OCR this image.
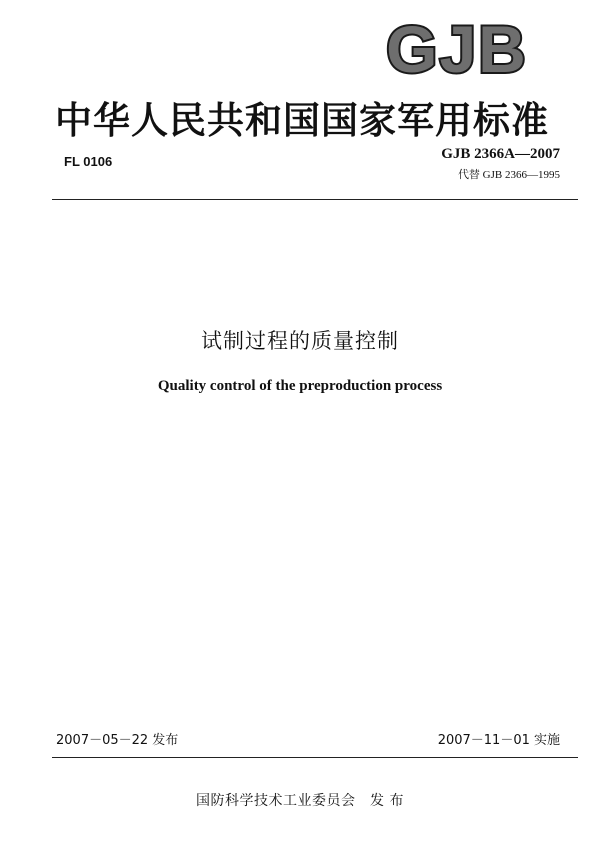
GJB
中华人民共和国国家军用标准
FL 0106	GJB 2366A—2007
代替 GJB 2366—1995
试制过程的质量控制
Quality control of the preproduction process
2007－05－22 发布	2007－11－01 实施
国防科学技术工业委员会　发 布
